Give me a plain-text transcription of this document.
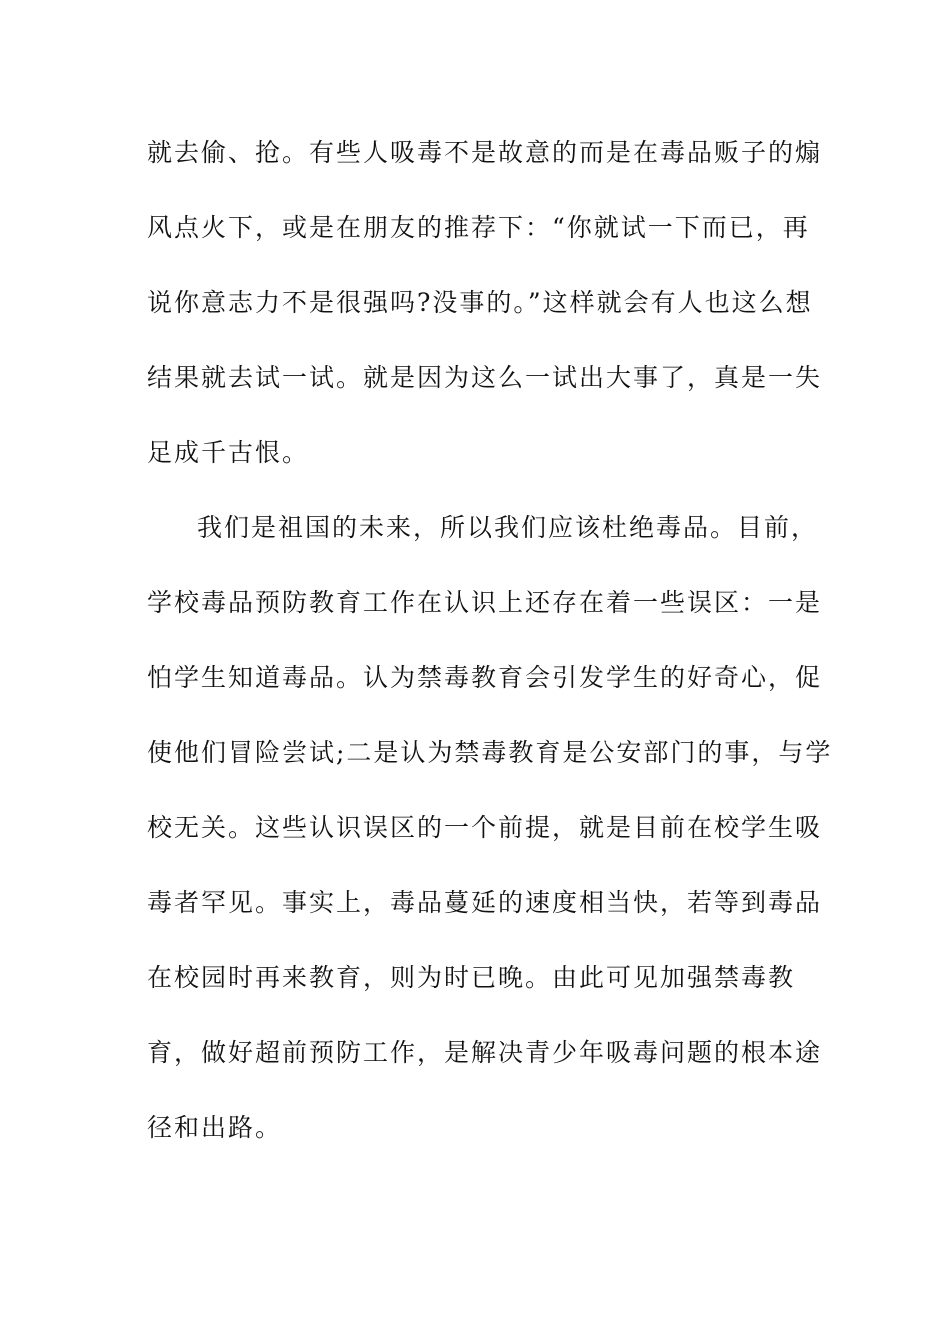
就去偷、抢。有些人吸毒不是故意的而是在毒品贩子的煽
风点火下，或是在朋友的推荐下：“你就试一下而已，再
说你意志力不是很强吗?没事的。”这样就会有人也这么想
结果就去试一试。就是因为这么一试出大事了，真是一失
足成千古恨。
我们是祖国的未来，所以我们应该杜绝毒品。目前，
学校毒品预防教育工作在认识上还存在着一些误区：一是
怕学生知道毒品。认为禁毒教育会引发学生的好奇心，促
使他们冒险尝试;二是认为禁毒教育是公安部门的事，与学
校无关。这些认识误区的一个前提，就是目前在校学生吸
毒者罕见。事实上，毒品蔓延的速度相当快，若等到毒品
在校园时再来教育，则为时已晚。由此可见加强禁毒教
育，做好超前预防工作，是解决青少年吸毒问题的根本途
径和出路。
